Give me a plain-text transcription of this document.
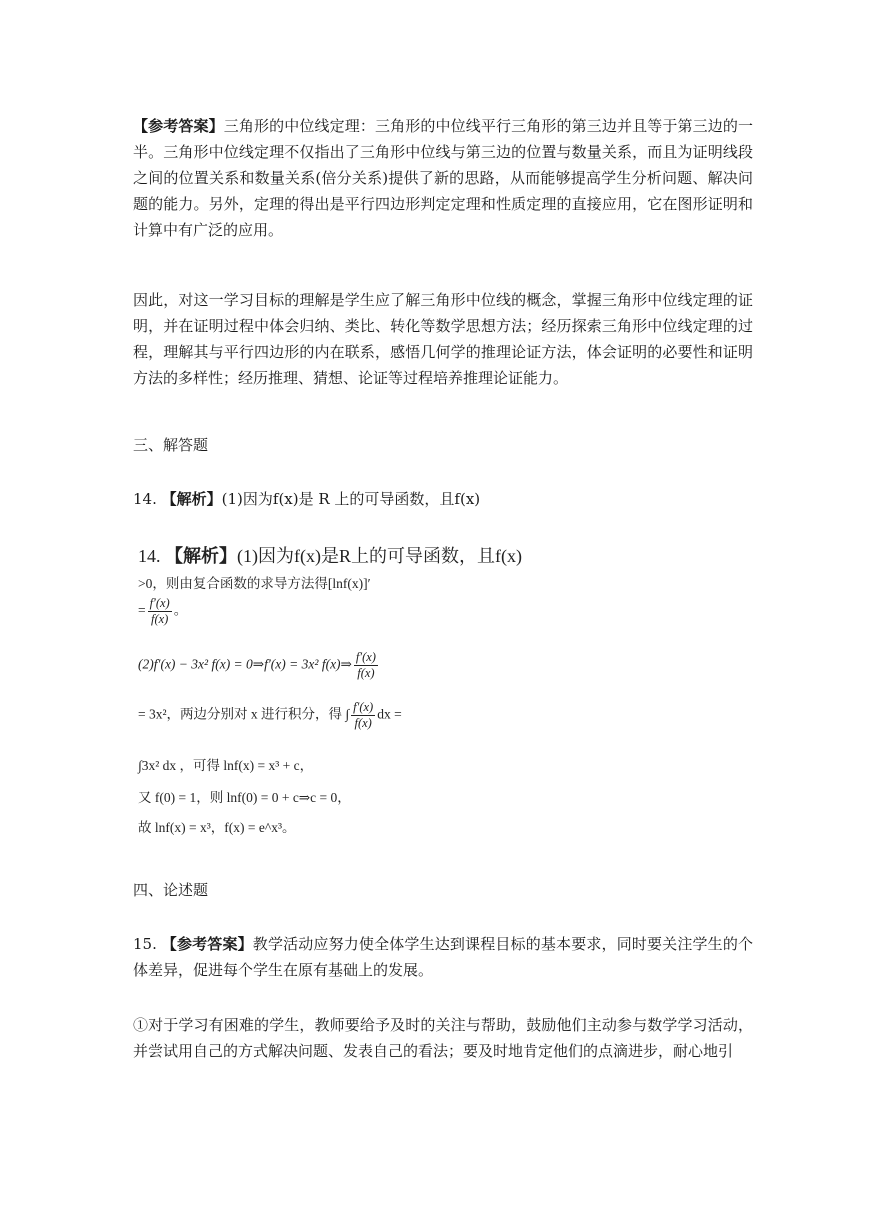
【参考答案】三角形的中位线定理：三角形的中位线平行三角形的第三边并且等于第三边的一半。三角形中位线定理不仅指出了三角形中位线与第三边的位置与数量关系，而且为证明线段之间的位置关系和数量关系(倍分关系)提供了新的思路，从而能够提高学生分析问题、解决问题的能力。另外，定理的得出是平行四边形判定定理和性质定理的直接应用，它在图形证明和计算中有广泛的应用。

因此，对这一学习目标的理解是学生应了解三角形中位线的概念，掌握三角形中位线定理的证明，并在证明过程中体会归纳、类比、转化等数学思想方法；经历探索三角形中位线定理的过程，理解其与平行四边形的内在联系，感悟几何学的推理论证方法，体会证明的必要性和证明方法的多样性；经历推理、猜想、论证等过程培养推理论证能力。

三、解答题

14. 【解析】(1)因为f(x)是 R 上的可导函数，且f(x)

14. 【解析】(1)因为f(x)是R上的可导函数，且f(x)
>0，则由复合函数的求导方法得[lnf(x)]′
= $\frac{f'(x)}{f(x)}$ 。
(2)f′(x) − 3x² f(x) = 0⇒f′(x) = 3x² f(x)⇒ $\frac{f'(x)}{f(x)}$
= 3x²，两边分别对 x 进行积分，得 ∫ $\frac{f'(x)}{f(x)}$ dx =
∫3x² dx ，可得 lnf(x) = x³ + c，
又 f(0) = 1，则 lnf(0) = 0 + c⇒c = 0，
故 lnf(x) = x³，f(x) = e^x³。

四、论述题

15. 【参考答案】教学活动应努力使全体学生达到课程目标的基本要求，同时要关注学生的个体差异，促进每个学生在原有基础上的发展。

①对于学习有困难的学生，教师要给予及时的关注与帮助，鼓励他们主动参与数学学习活动，并尝试用自己的方式解决问题、发表自己的看法；要及时地肯定他们的点滴进步，耐心地引
